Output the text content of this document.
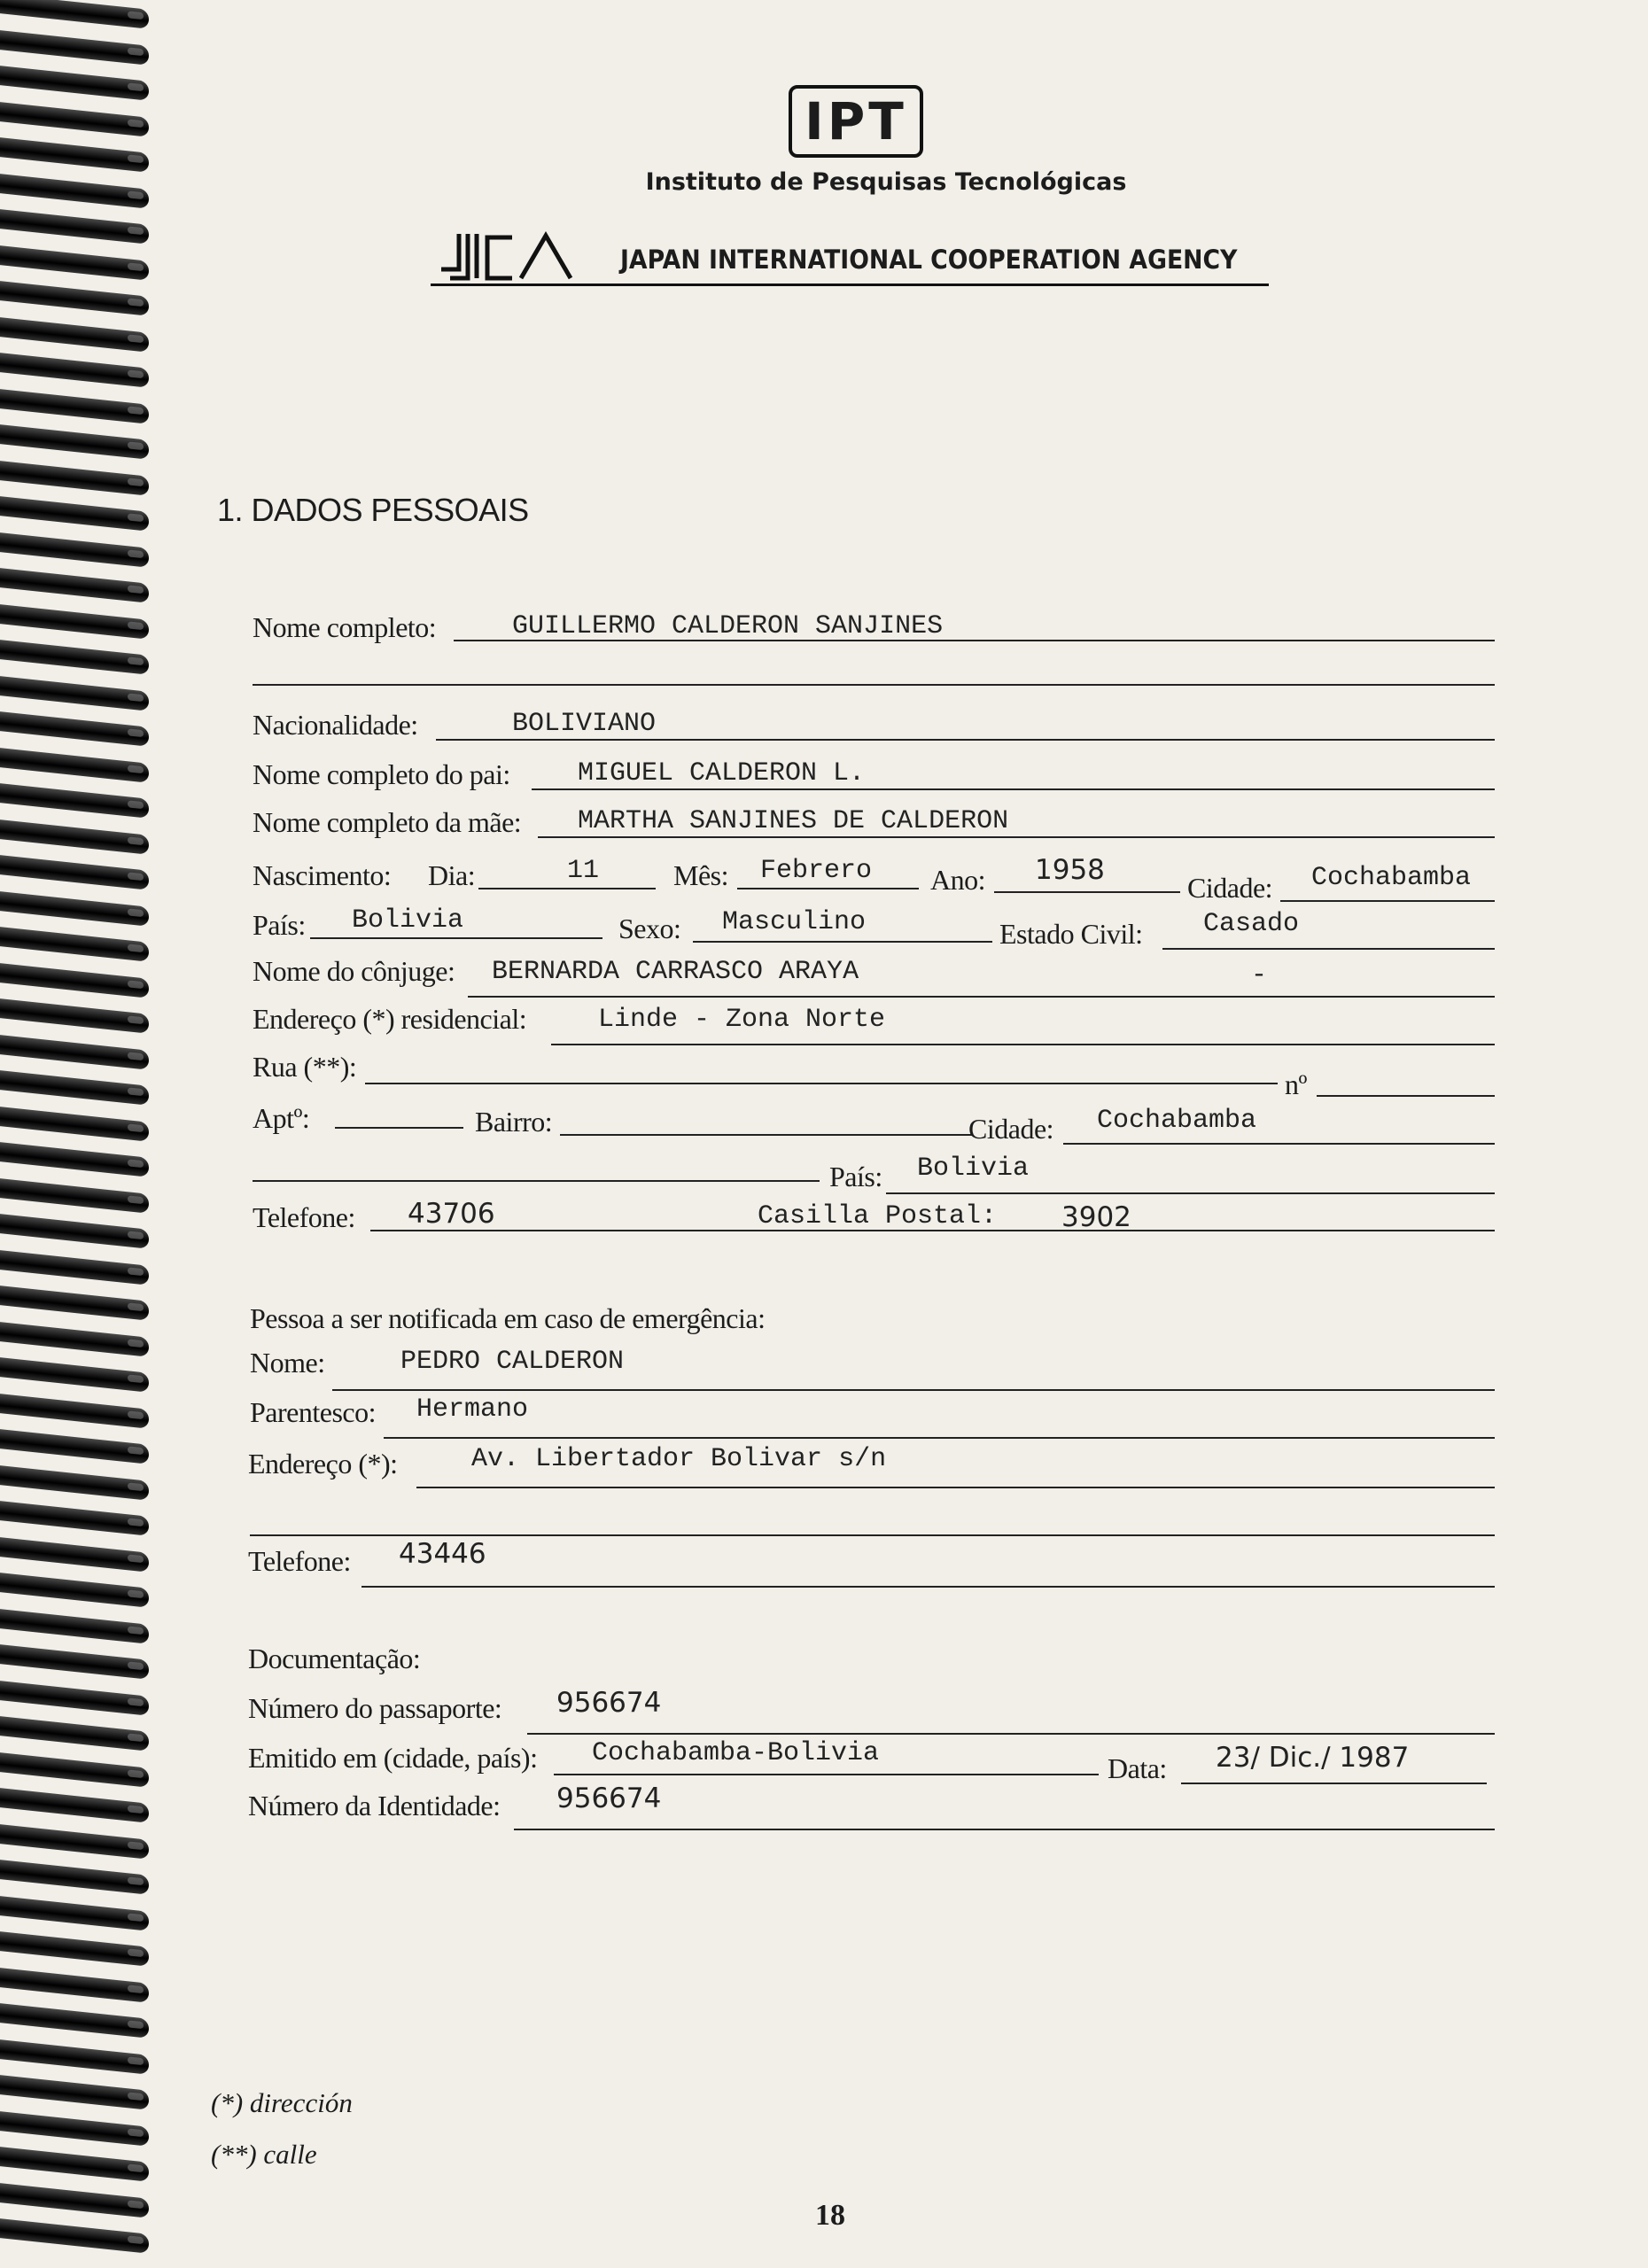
IPT
Instituto de Pesquisas Tecnológicas
JAPAN INTERNATIONAL COOPERATION AGENCY
1. DADOS PESSOAIS
Nome completo:	GUILLERMO CALDERON SANJINES
Nacionalidade:	BOLIVIANO
Nome completo do pai:	MIGUEL CALDERON L.
Nome completo da mãe: MARTHA SANJINES DE CALDERON
Nascimento: Dia:	11	Mês: Febrero Ano: 1958
Cidade: Cochabamba
País: Bolivia	Sexo: Masculino	Estado Civil: Casado
Nome do cônjuge: BERNARDA CARRASCO ARAYA	-
Endereço (*) residencial:	Linde - Zona Norte
Rua (**):
nº
Aptº:	Bairro:	Cidade: Cochabamba
País: Bolivia
Telefone: 43706	Casilla Postal: 3902
Pessoa a ser notificada em caso de emergência:
Nome:	PEDRO CALDERON
Parentesco: Hermano
Endereço (*):	Av. Libertador Bolivar s/n
Telefone: 43446
Documentação:
Número do passaporte: 956674
Emitido em (cidade, país): Cochabamba-Bolivia	Data: 23/ Dic./ 1987
Número da Identidade: 956674
(*) dirección
(**) calle
18
